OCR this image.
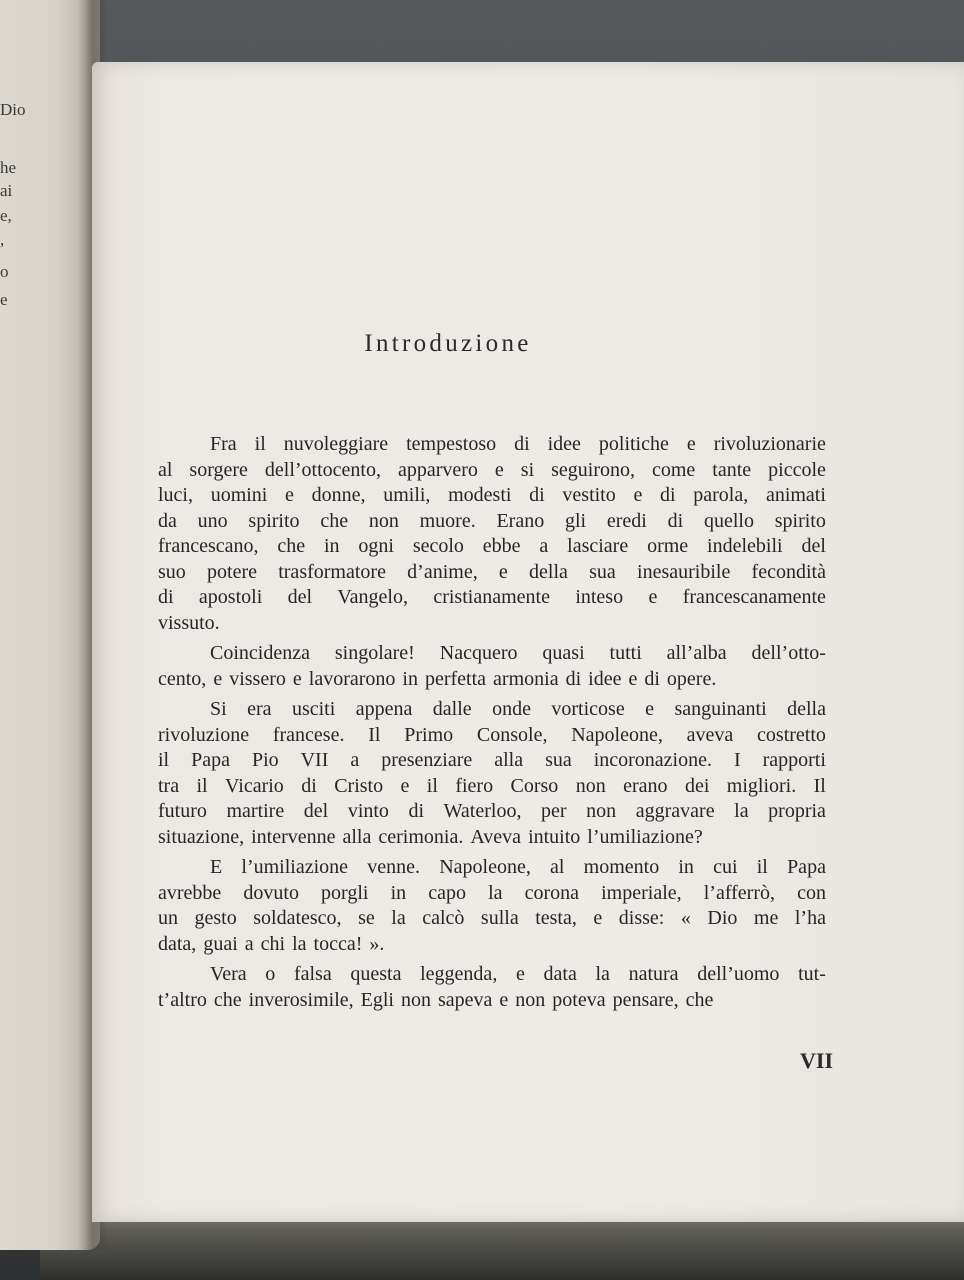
Dio
he
ai
e,
,
o
e
Introduzione
Fra il nuvoleggiare tempestoso di idee politiche e rivoluzionarie
al sorgere dell’ottocento, apparvero e si seguirono, come tante piccole
luci, uomini e donne, umili, modesti di vestito e di parola, animati
da uno spirito che non muore. Erano gli eredi di quello spirito
francescano, che in ogni secolo ebbe a lasciare orme indelebili del
suo potere trasformatore d’anime, e della sua inesauribile fecondità
di apostoli del Vangelo, cristianamente inteso e francescanamente
vissuto.
Coincidenza singolare! Nacquero quasi tutti all’alba dell’otto-
cento, e vissero e lavorarono in perfetta armonia di idee e di opere.
Si era usciti appena dalle onde vorticose e sanguinanti della
rivoluzione francese. Il Primo Console, Napoleone, aveva costretto
il Papa Pio VII a presenziare alla sua incoronazione. I rapporti
tra il Vicario di Cristo e il fiero Corso non erano dei migliori. Il
futuro martire del vinto di Waterloo, per non aggravare la propria
situazione, intervenne alla cerimonia. Aveva intuito l’umiliazione?
E l’umiliazione venne. Napoleone, al momento in cui il Papa
avrebbe dovuto porgli in capo la corona imperiale, l’afferrò, con
un gesto soldatesco, se la calcò sulla testa, e disse: « Dio me l’ha
data, guai a chi la tocca! ».
Vera o falsa questa leggenda, e data la natura dell’uomo tut-
t’altro che inverosimile, Egli non sapeva e non poteva pensare, che
VII
